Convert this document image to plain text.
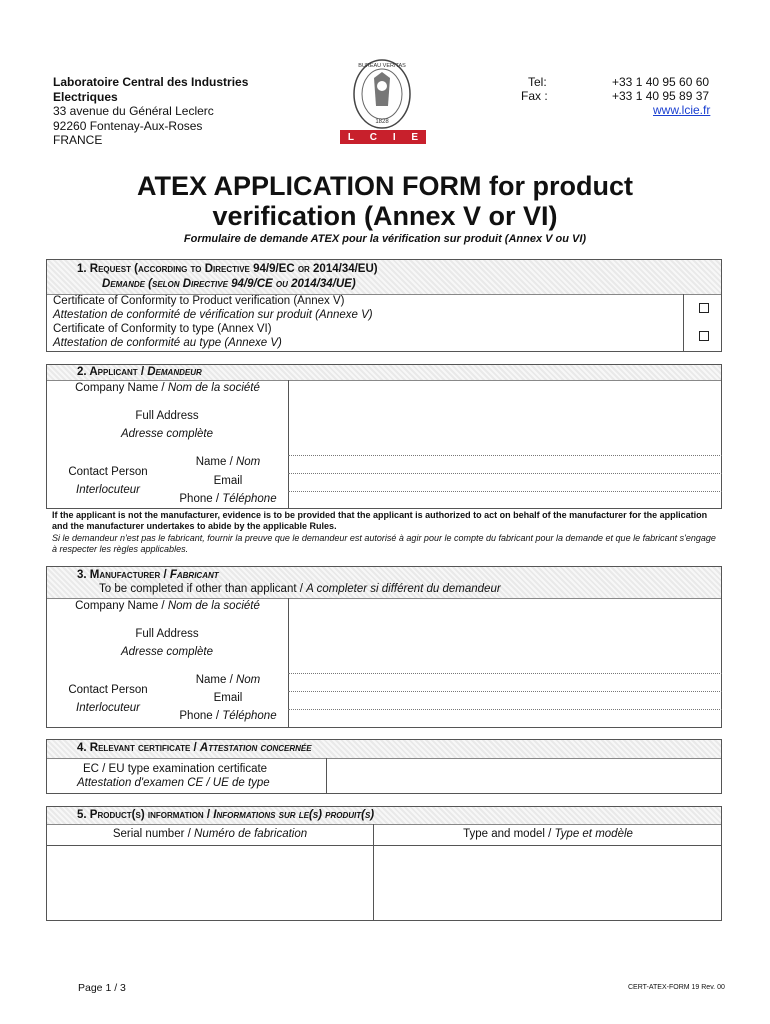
Laboratoire Central des Industries
Electriques
33 avenue du Général Leclerc
92260 Fontenay-Aux-Roses
FRANCE
1828
BUREAU VERITAS
L C I E
Tel:
Fax :
+33 1 40 95 60 60
+33 1 40 95 89 37
www.lcie.fr
ATEX APPLICATION FORM for product
verification (Annex V or VI)
Formulaire de demande ATEX pour la vérification sur produit (Annex V ou VI)
1. Request (according to Directive 94/9/EC or 2014/34/EU)
Demande (selon Directive 94/9/CE ou 2014/34/UE)
Certificate of Conformity to Product verification (Annex V)
Attestation de conformité de vérification sur produit (Annexe V)
Certificate of Conformity to type (Annex VI)
Attestation de conformité au type (Annexe V)
2. Applicant / Demandeur
Company Name / Nom de la société
Full Address
Adresse complète
Contact Person
Interlocuteur
Name / Nom
Email
Phone / Téléphone
If the applicant is not the manufacturer, evidence is to be provided that the applicant is authorized to act on behalf of the manufacturer for the application and the manufacturer undertakes to abide by the applicable Rules.
Si le demandeur n'est pas le fabricant, fournir la preuve que le demandeur est autorisé à agir pour le compte du fabricant pour la demande et que le fabricant s'engage à respecter les règles applicables.
3. Manufacturer / Fabricant
To be completed if other than applicant / A completer si différent du demandeur
Company Name / Nom de la société
Full Address
Adresse complète
Contact Person
Interlocuteur
Name / Nom
Email
Phone / Téléphone
4. Relevant certificate / Attestation concernée
EC / EU type examination certificate
Attestation d'examen CE / UE de type
5. Product(s) information / Informations sur le(s) produit(s)
Serial number / Numéro de fabrication	Type and model / Type et modèle
Page 1 / 3	CERT-ATEX-FORM 19 Rev. 00
